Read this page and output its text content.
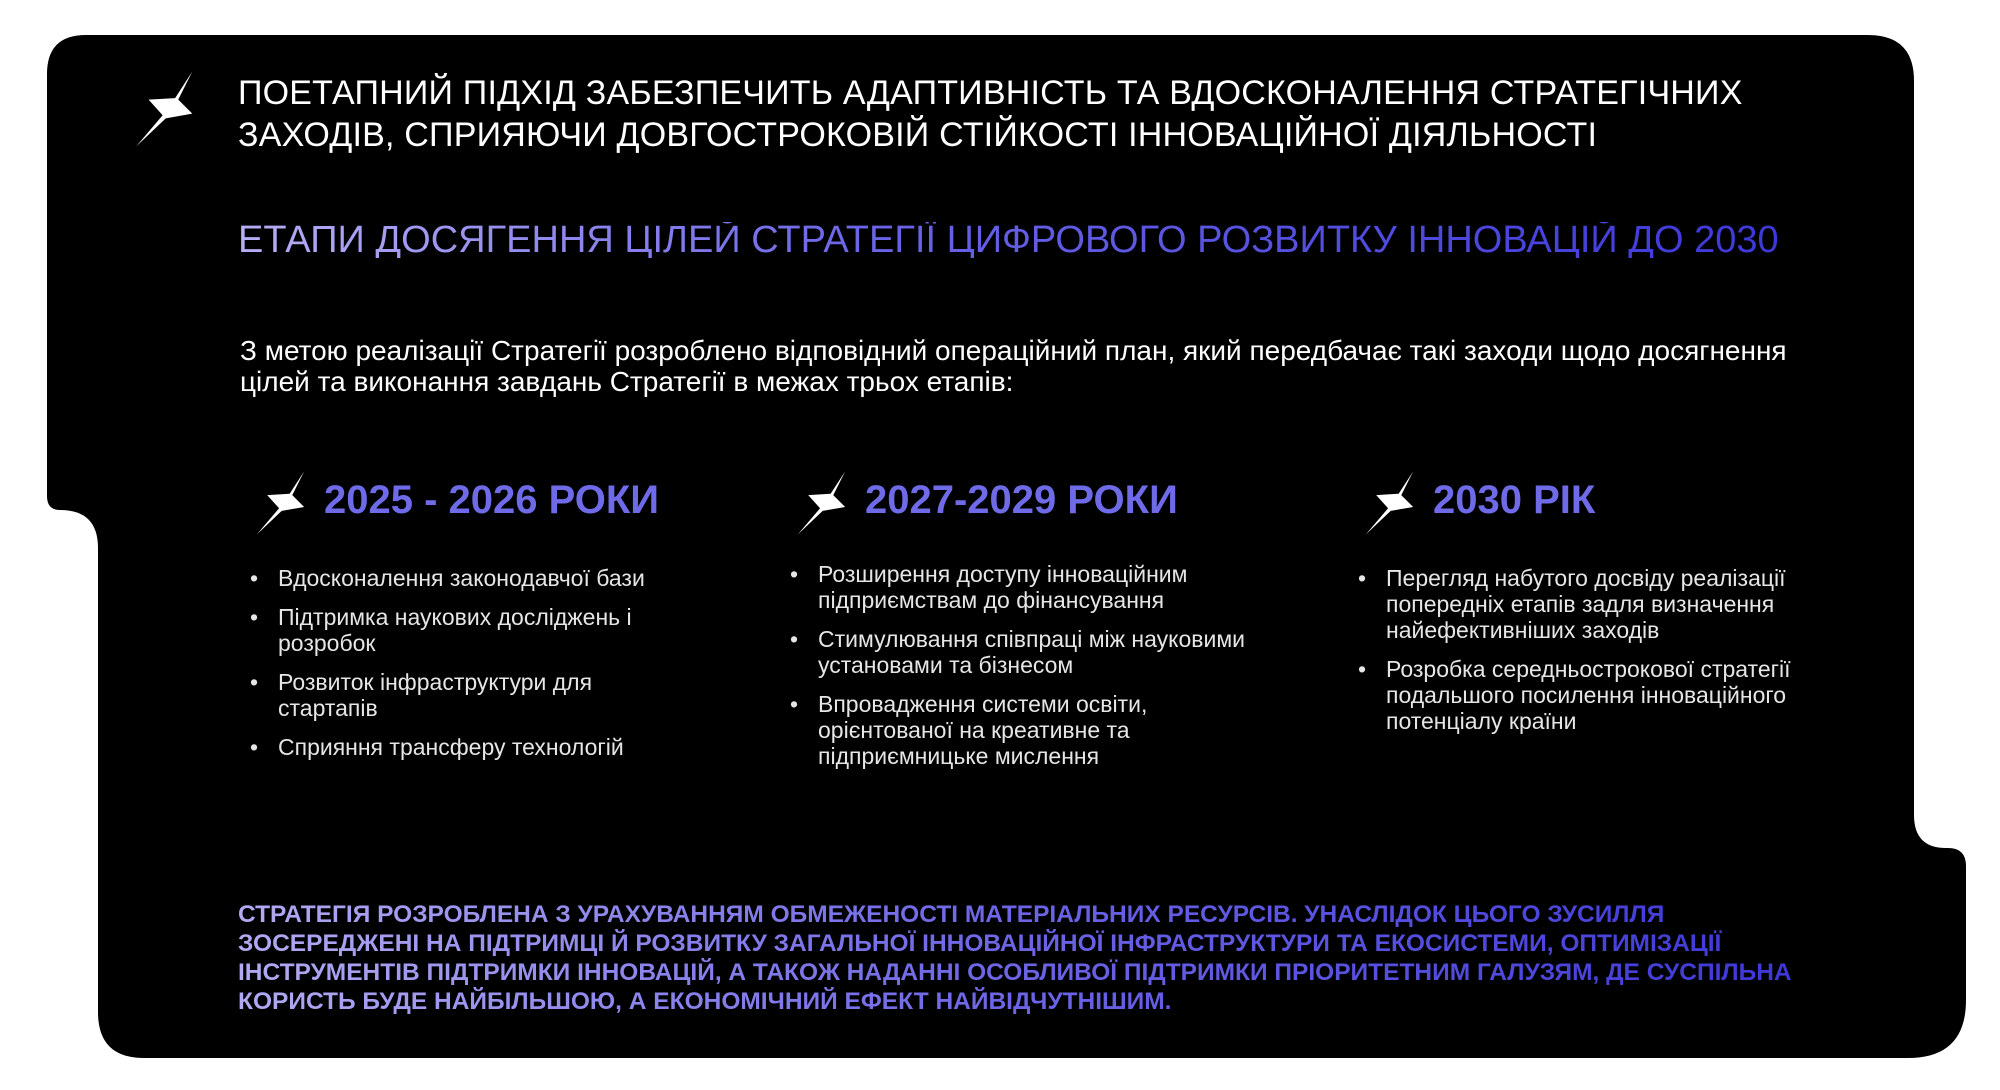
ПОЕТАПНИЙ ПІДХІД ЗАБЕЗПЕЧИТЬ АДАПТИВНІСТЬ ТА ВДОСКОНАЛЕННЯ СТРАТЕГІЧНИХ ЗАХОДІВ, СПРИЯЮЧИ ДОВГОСТРОКОВІЙ СТІЙКОСТІ ІННОВАЦІЙНОЇ ДІЯЛЬНОСТІ

ЕТАПИ ДОСЯГЕННЯ ЦІЛЕЙ СТРАТЕГІЇ ЦИФРОВОГО РОЗВИТКУ ІННОВАЦІЙ ДО 2030

З метою реалізації Стратегії розроблено відповідний операційний план, який передбачає такі заходи щодо досягнення цілей та виконання завдань Стратегії в межах трьох етапів:

2025 - 2026 РОКИ
• Вдосконалення законодавчої бази
• Підтримка наукових досліджень і розробок
• Розвиток інфраструктури для стартапів
• Сприяння трансферу технологій
2027-2029 РОКИ
• Розширення доступу інноваційним підприємствам до фінансування
• Стимулювання співпраці між науковими установами та бізнесом
• Впровадження системи освіти, орієнтованої на креативне та підприємницьке мислення
2030 РІК
• Перегляд набутого досвіду реалізації попередніх етапів задля визначення найефективніших заходів
• Розробка середньострокової стратегії подальшого посилення інноваційного потенціалу країни

СТРАТЕГІЯ РОЗРОБЛЕНА З УРАХУВАННЯМ ОБМЕЖЕНОСТІ МАТЕРІАЛЬНИХ РЕСУРСІВ. УНАСЛІДОК ЦЬОГО ЗУСИЛЛЯ ЗОСЕРЕДЖЕНІ НА ПІДТРИМЦІ Й РОЗВИТКУ ЗАГАЛЬНОЇ ІННОВАЦІЙНОЇ ІНФРАСТРУКТУРИ ТА ЕКОСИСТЕМИ, ОПТИМІЗАЦІЇ ІНСТРУМЕНТІВ ПІДТРИМКИ ІННОВАЦІЙ, А ТАКОЖ НАДАННІ ОСОБЛИВОЇ ПІДТРИМКИ ПРІОРИТЕТНИМ ГАЛУЗЯМ, ДЕ СУСПІЛЬНА КОРИСТЬ БУДЕ НАЙБІЛЬШОЮ, А ЕКОНОМІЧНИЙ ЕФЕКТ НАЙВІДЧУТНІШИМ.
